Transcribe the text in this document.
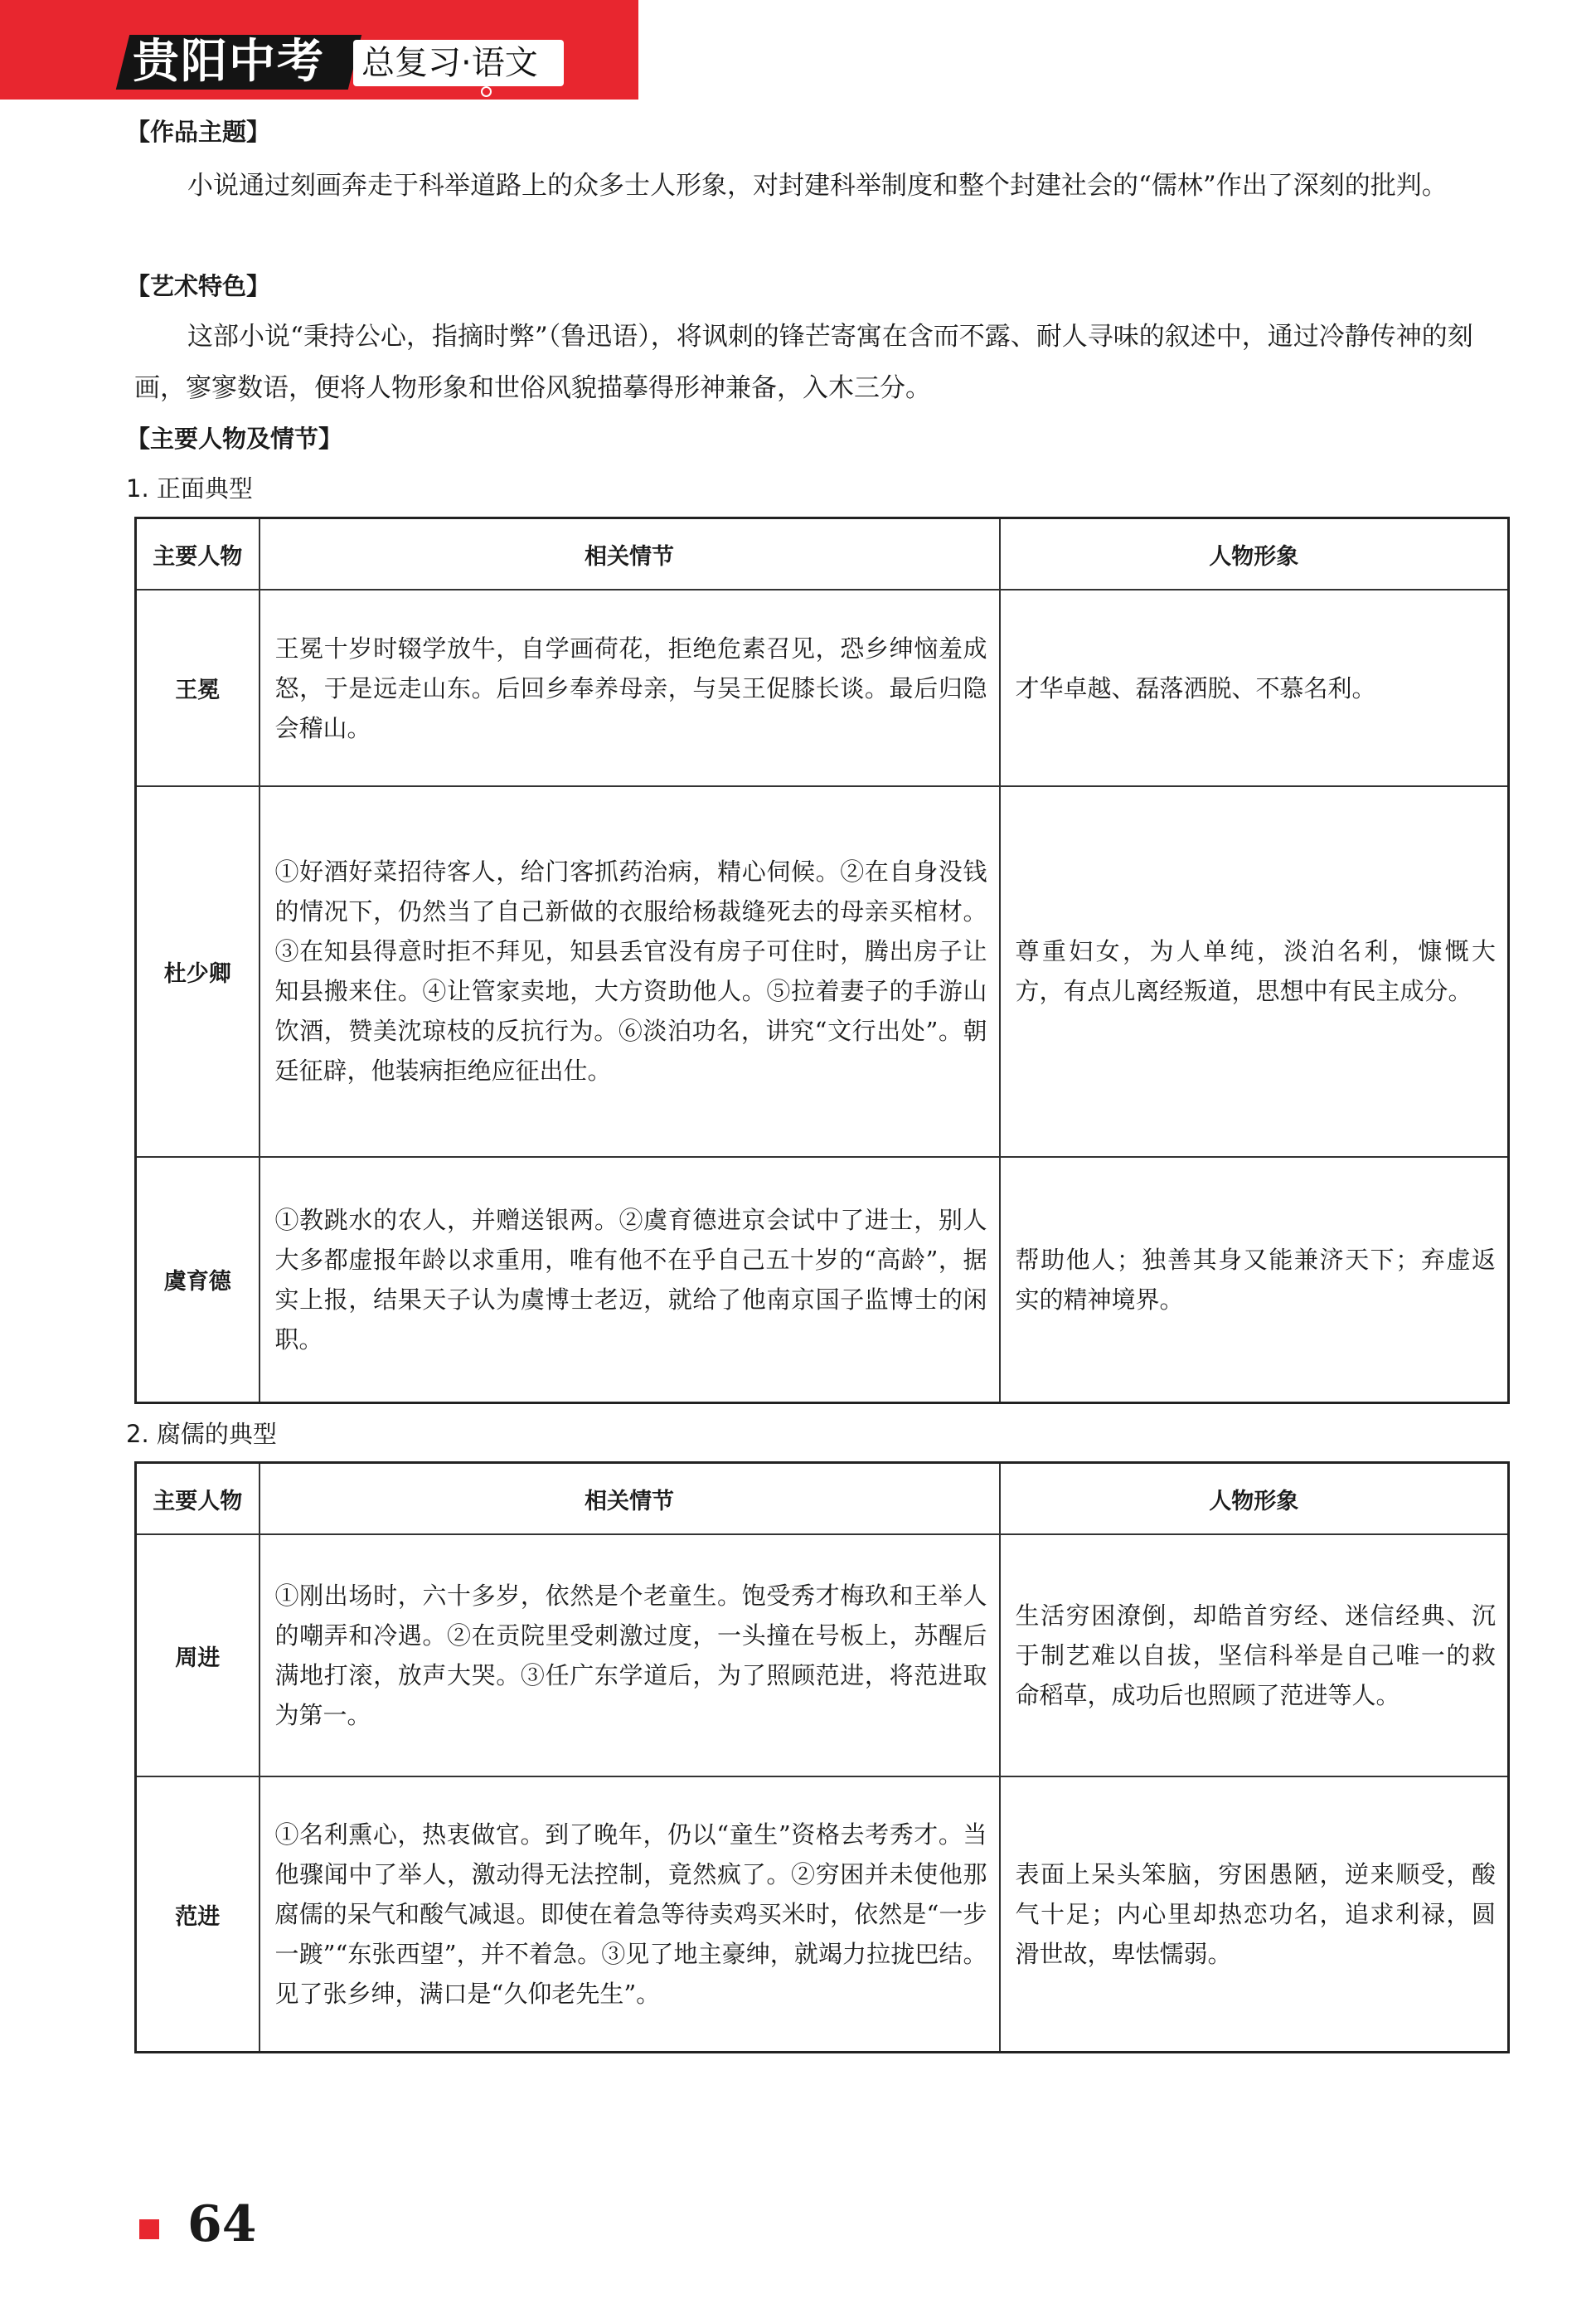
贵阳中考	总复习·语文
【作品主题】

小说通过刻画奔走于科举道路上的众多士人形象，对封建科举制度和整个封建社会的“儒林”作出了深刻的批判。

【艺术特色】

这部小说“秉持公心，指摘时弊”（鲁迅语），将讽刺的锋芒寄寓在含而不露、耐人寻味的叙述中，通过冷静传神的刻画，寥寥数语，便将人物形象和世俗风貌描摹得形神兼备，入木三分。

【主要人物及情节】
1. 正面典型
主要人物	相关情节	人物形象
王冕	王冕十岁时辍学放牛，自学画荷花，拒绝危素召见，恐乡绅恼羞成怒，于是远走山东。后回乡奉养母亲，与吴王促膝长谈。最后归隐会稽山。	才华卓越、磊落洒脱、不慕名利。
杜少卿	①好酒好菜招待客人，给门客抓药治病，精心伺候。②在自身没钱的情况下，仍然当了自己新做的衣服给杨裁缝死去的母亲买棺材。③在知县得意时拒不拜见，知县丢官没有房子可住时，腾出房子让知县搬来住。④让管家卖地，大方资助他人。⑤拉着妻子的手游山饮酒，赞美沈琼枝的反抗行为。⑥淡泊功名，讲究“文行出处”。朝廷征辟，他装病拒绝应征出仕。	尊重妇女，为人单纯，淡泊名利，慷慨大方，有点儿离经叛道，思想中有民主成分。
虞育德	①教跳水的农人，并赠送银两。②虞育德进京会试中了进士，别人大多都虚报年龄以求重用，唯有他不在乎自己五十岁的“高龄”，据实上报，结果天子认为虞博士老迈，就给了他南京国子监博士的闲职。	帮助他人；独善其身又能兼济天下；弃虚返实的精神境界。
2. 腐儒的典型
主要人物	相关情节	人物形象
周进	①刚出场时，六十多岁，依然是个老童生。饱受秀才梅玖和王举人的嘲弄和冷遇。②在贡院里受刺激过度，一头撞在号板上，苏醒后满地打滚，放声大哭。③任广东学道后，为了照顾范进，将范进取为第一。	生活穷困潦倒，却皓首穷经、迷信经典、沉于制艺难以自拔，坚信科举是自己唯一的救命稻草，成功后也照顾了范进等人。
范进	①名利熏心，热衷做官。到了晚年，仍以“童生”资格去考秀才。当他骤闻中了举人，激动得无法控制，竟然疯了。②穷困并未使他那腐儒的呆气和酸气减退。即使在着急等待卖鸡买米时，依然是“一步一踱”“东张西望”，并不着急。③见了地主豪绅，就竭力拉拢巴结。见了张乡绅，满口是“久仰老先生”。	表面上呆头笨脑，穷困愚陋，逆来顺受，酸气十足；内心里却热恋功名，追求利禄，圆滑世故，卑怯懦弱。
64
